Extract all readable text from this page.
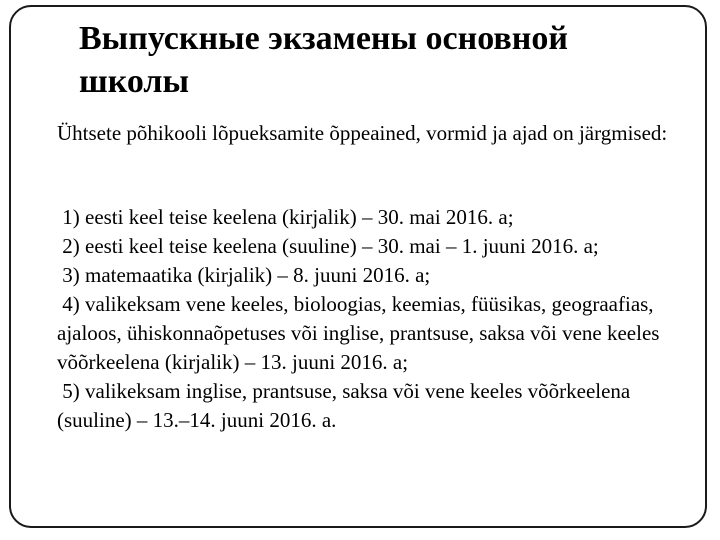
Выпускные экзамены основной школы

Ühtsete põhikooli lõpueksamite õppeained, vormid ja ajad on järgmised:

1) eesti keel teise keelena (kirjalik) – 30. mai 2016. a;
2) eesti keel teise keelena (suuline) – 30. mai – 1. juuni 2016. a;
3) matemaatika (kirjalik) – 8. juuni 2016. a;
4) valikeksam vene keeles, bioloogias, keemias, füüsikas, geograafias, ajaloos, ühiskonnaõpetuses või inglise, prantsuse, saksa või vene keeles võõrkeelena (kirjalik) – 13. juuni 2016. a;
5) valikeksam inglise, prantsuse, saksa või vene keeles võõrkeelena (suuline) – 13.–14. juuni 2016. a.
